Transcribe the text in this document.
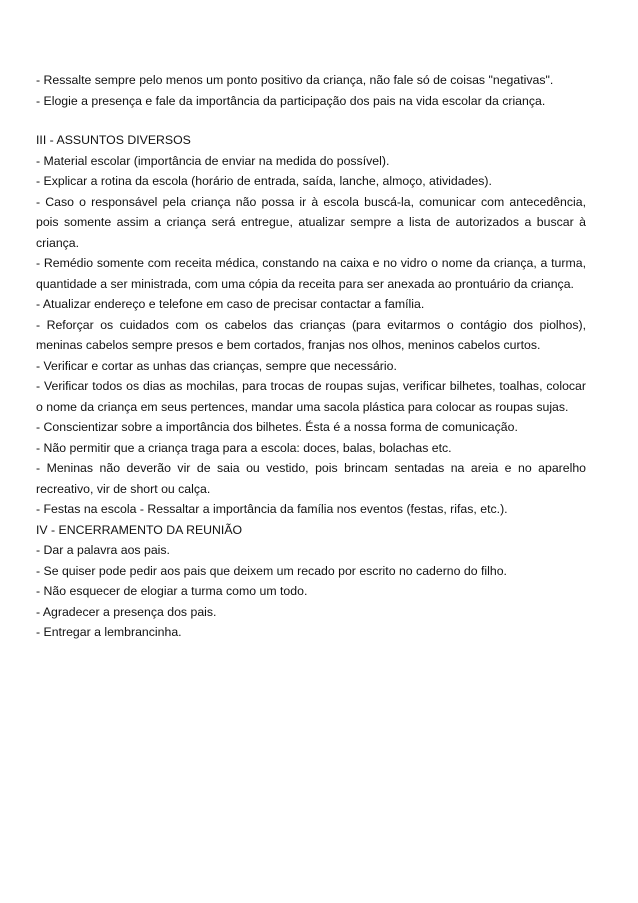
- Ressalte sempre pelo menos um ponto positivo da criança, não fale só de coisas "negativas".

- Elogie a presença e fale da importância da participação dos pais na vida escolar da criança.

III - ASSUNTOS DIVERSOS

- Material escolar (importância de enviar na medida do possível).

- Explicar a rotina da escola (horário de entrada, saída, lanche, almoço, atividades).

- Caso o responsável pela criança não possa ir à escola buscá-la, comunicar com antecedência, pois somente assim a criança será entregue, atualizar sempre a lista de autorizados a buscar à criança.

- Remédio somente com receita médica, constando na caixa e no vidro o nome da criança, a turma, quantidade a ser ministrada, com uma cópia da receita para ser anexada ao prontuário da criança.

- Atualizar endereço e telefone em caso de precisar contactar a família.

- Reforçar os cuidados com os cabelos das crianças (para evitarmos o contágio dos piolhos), meninas cabelos sempre presos e bem cortados, franjas nos olhos, meninos cabelos curtos.

- Verificar e cortar as unhas das crianças, sempre que necessário.

- Verificar todos os dias as mochilas, para trocas de roupas sujas, verificar bilhetes, toalhas, colocar o nome da criança em seus pertences, mandar uma sacola plástica para colocar as roupas sujas.

- Conscientizar sobre a importância dos bilhetes. Ésta é a nossa forma de comunicação.

- Não permitir que a criança traga para a escola: doces, balas, bolachas etc.

- Meninas não deverão vir de saia ou vestido, pois brincam sentadas na areia e no aparelho recreativo, vir de short ou calça.

- Festas na escola - Ressaltar a importância da família nos eventos (festas, rifas, etc.).

IV - ENCERRAMENTO DA REUNIÃO

- Dar a palavra aos pais.

- Se quiser pode pedir aos pais que deixem um recado por escrito no caderno do filho.

- Não esquecer de elogiar a turma como um todo.

- Agradecer a presença dos pais.

- Entregar a lembrancinha.
